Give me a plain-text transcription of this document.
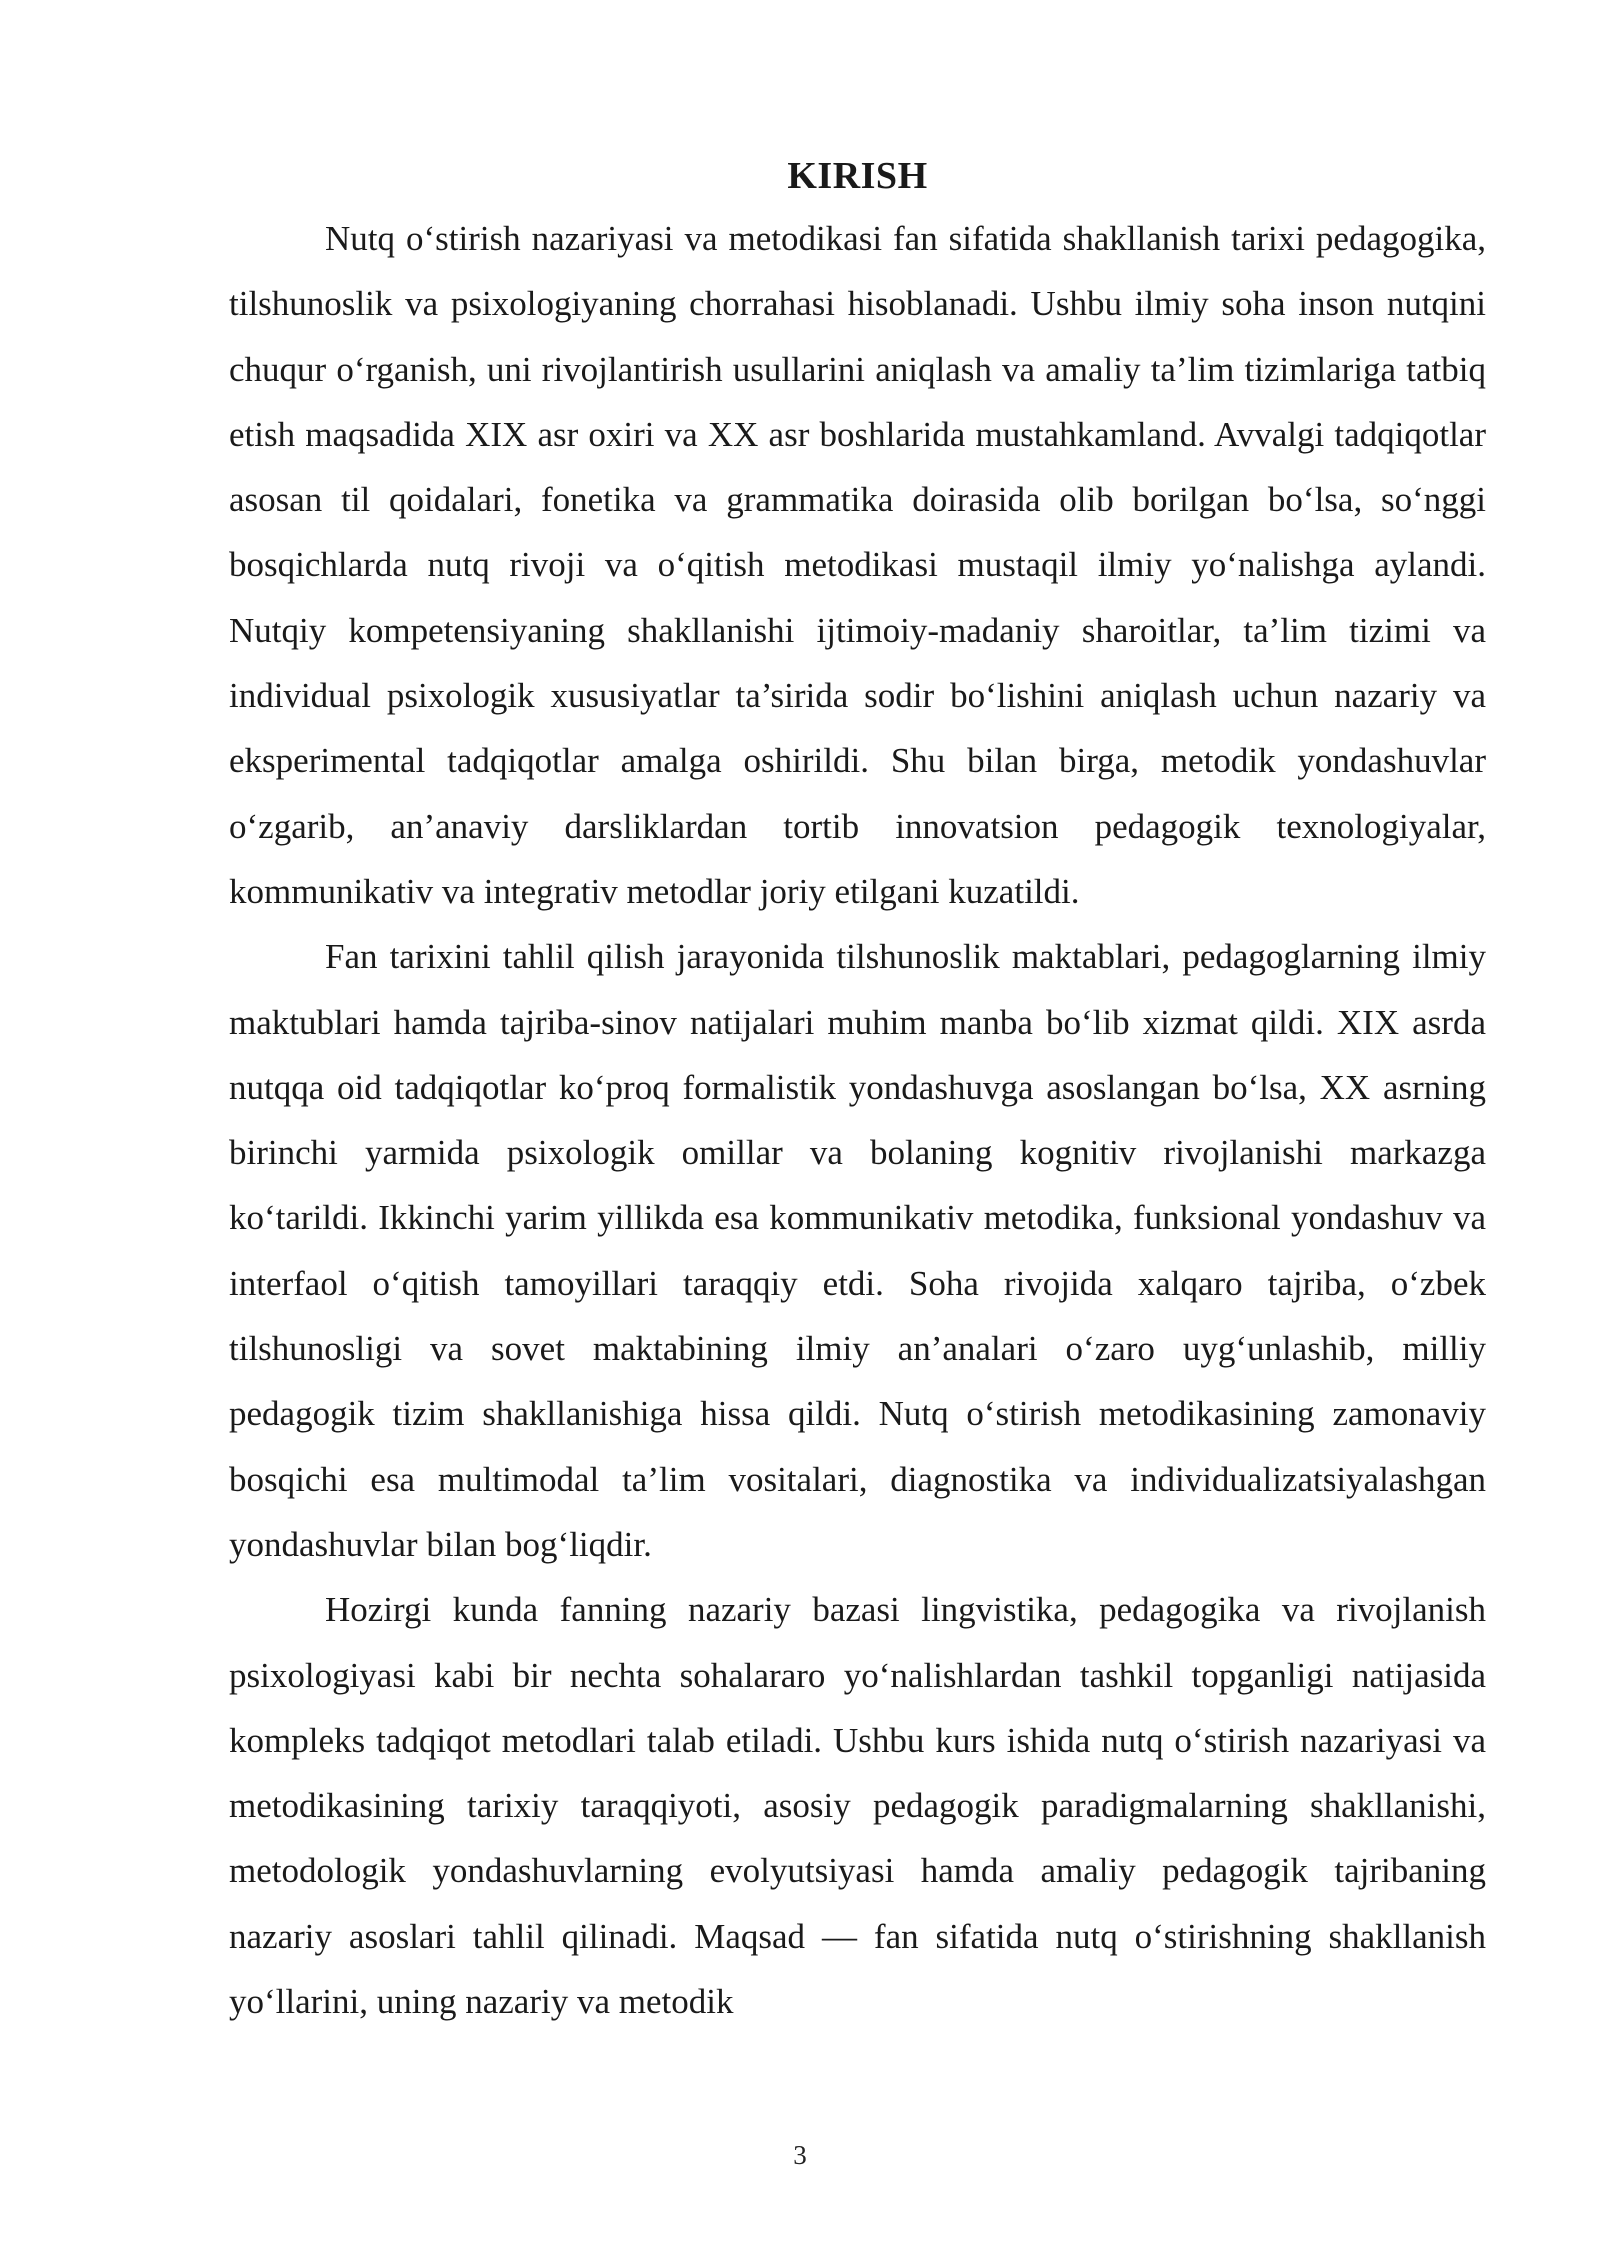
KIRISH

Nutq oʻstirish nazariyasi va metodikasi fan sifatida shakllanish tarixi pedagogika, tilshunoslik va psixologiyaning chorrahasi hisoblanadi. Ushbu ilmiy soha inson nutqini chuqur oʻrganish, uni rivojlantirish usullarini aniqlash va amaliy ta’lim tizimlariga tatbiq etish maqsadida XIX asr oxiri va XX asr boshlarida mustahkamland. Avvalgi tadqiqotlar asosan til qoidalari, fonetika va grammatika doirasida olib borilgan boʻlsa, soʻnggi bosqichlarda nutq rivoji va oʻqitish metodikasi mustaqil ilmiy yoʻnalishga aylandi. Nutqiy kompetensiyaning shakllanishi ijtimoiy-madaniy sharoitlar, ta’lim tizimi va individual psixologik xususiyatlar ta’sirida sodir boʻlishini aniqlash uchun nazariy va eksperimental tadqiqotlar amalga oshirildi. Shu bilan birga, metodik yondashuvlar oʻzgarib, an’anaviy darsliklardan tortib innovatsion pedagogik texnologiyalar, kommunikativ va integrativ metodlar joriy etilgani kuzatildi.

Fan tarixini tahlil qilish jarayonida tilshunoslik maktablari, pedagoglarning ilmiy maktublari hamda tajriba-sinov natijalari muhim manba boʻlib xizmat qildi. XIX asrda nutqqa oid tadqiqotlar koʻproq formalistik yondashuvga asoslangan boʻlsa, XX asrning birinchi yarmida psixologik omillar va bolaning kognitiv rivojlanishi markazga koʻtarildi. Ikkinchi yarim yillikda esa kommunikativ metodika, funksional yondashuv va interfaol oʻqitish tamoyillari taraqqiy etdi. Soha rivojida xalqaro tajriba, oʻzbek tilshunosligi va sovet maktabining ilmiy an’analari oʻzaro uygʻunlashib, milliy pedagogik tizim shakllanishiga hissa qildi. Nutq oʻstirish metodikasining zamonaviy bosqichi esa multimodal ta’lim vositalari, diagnostika va individualizatsiyalashgan yondashuvlar bilan bogʻliqdir.

Hozirgi kunda fanning nazariy bazasi lingvistika, pedagogika va rivojlanish psixologiyasi kabi bir nechta sohalararo yoʻnalishlardan tashkil topganligi natijasida kompleks tadqiqot metodlari talab etiladi. Ushbu kurs ishida nutq oʻstirish nazariyasi va metodikasining tarixiy taraqqiyoti, asosiy pedagogik paradigmalarning shakllanishi, metodologik yondashuvlarning evolyutsiyasi hamda amaliy pedagogik tajribaning nazariy asoslari tahlil qilinadi. Maqsad — fan sifatida nutq oʻstirishning shakllanish yoʻllarini, uning nazariy va metodik

3
